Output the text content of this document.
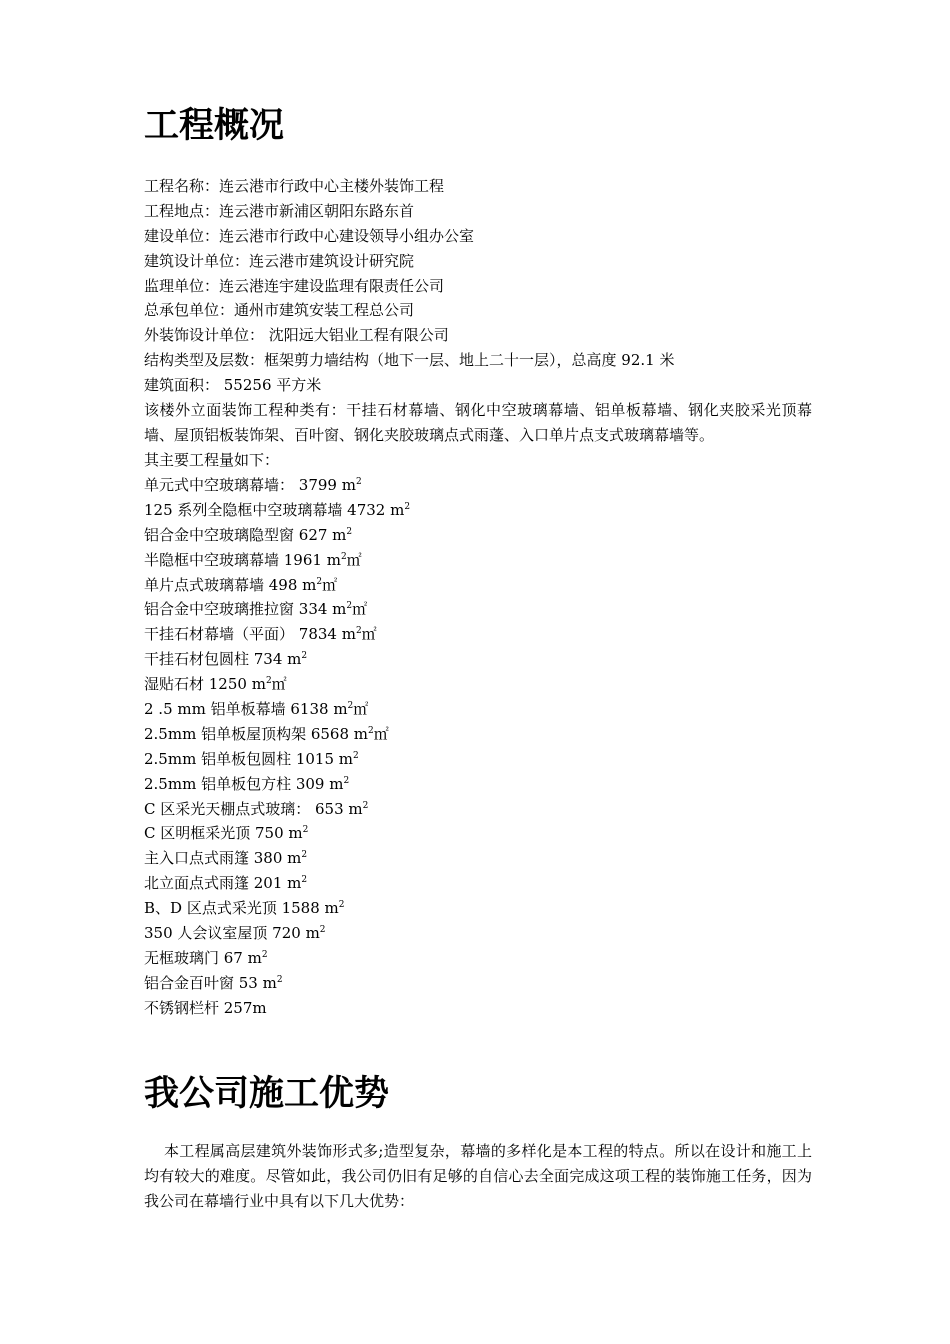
工程概况
工程名称：连云港市行政中心主楼外装饰工程
工程地点：连云港市新浦区朝阳东路东首
建设单位：连云港市行政中心建设领导小组办公室
建筑设计单位：连云港市建筑设计研究院
监理单位：连云港连宇建设监理有限责任公司
总承包单位：通州市建筑安装工程总公司
外装饰设计单位： 沈阳远大铝业工程有限公司
结构类型及层数：框架剪力墙结构（地下一层、地上二十一层），总高度 92.1 米
建筑面积： 55256 平方米
该楼外立面装饰工程种类有：干挂石材幕墙、钢化中空玻璃幕墙、铝单板幕墙、钢化夹胶采光顶幕墙、屋顶铝板装饰架、百叶窗、钢化夹胶玻璃点式雨蓬、入口单片点支式玻璃幕墙等。
其主要工程量如下：
单元式中空玻璃幕墙： 3799 $m^2$
125 系列全隐框中空玻璃幕墙 4732 $m^2$
铝合金中空玻璃隐型窗 627 $m^2$
半隐框中空玻璃幕墙 1961 $m^2㎡$
单片点式玻璃幕墙 498 $m^2㎡$
铝合金中空玻璃推拉窗 334 $m^2㎡$
干挂石材幕墙（平面） 7834 $m^2㎡$
干挂石材包圆柱 734 $m^2$
湿贴石材 1250 $m^2㎡$
2 .5 mm 铝单板幕墙 6138 $m^2㎡$
2.5mm 铝单板屋顶构架 6568 $m^2㎡$
2.5mm 铝单板包圆柱 1015 $m^2$
2.5mm 铝单板包方柱 309 $m^2$
C 区采光天棚点式玻璃： 653 $m^2$
C 区明框采光顶 750 $m^2$
主入口点式雨篷 380 $m^2$
北立面点式雨篷 201 $m^2$
B、D 区点式采光顶 1588 $m^2$
350 人会议室屋顶 720 $m^2$
无框玻璃门 67 $m^2$
铝合金百叶窗 53 $m^2$
不锈钢栏杆 257m
我公司施工优势
本工程属高层建筑外装饰形式多;造型复杂，幕墙的多样化是本工程的特点。所以在设计和施工上均有较大的难度。尽管如此，我公司仍旧有足够的自信心去全面完成这项工程的装饰施工任务，因为我公司在幕墙行业中具有以下几大优势：
